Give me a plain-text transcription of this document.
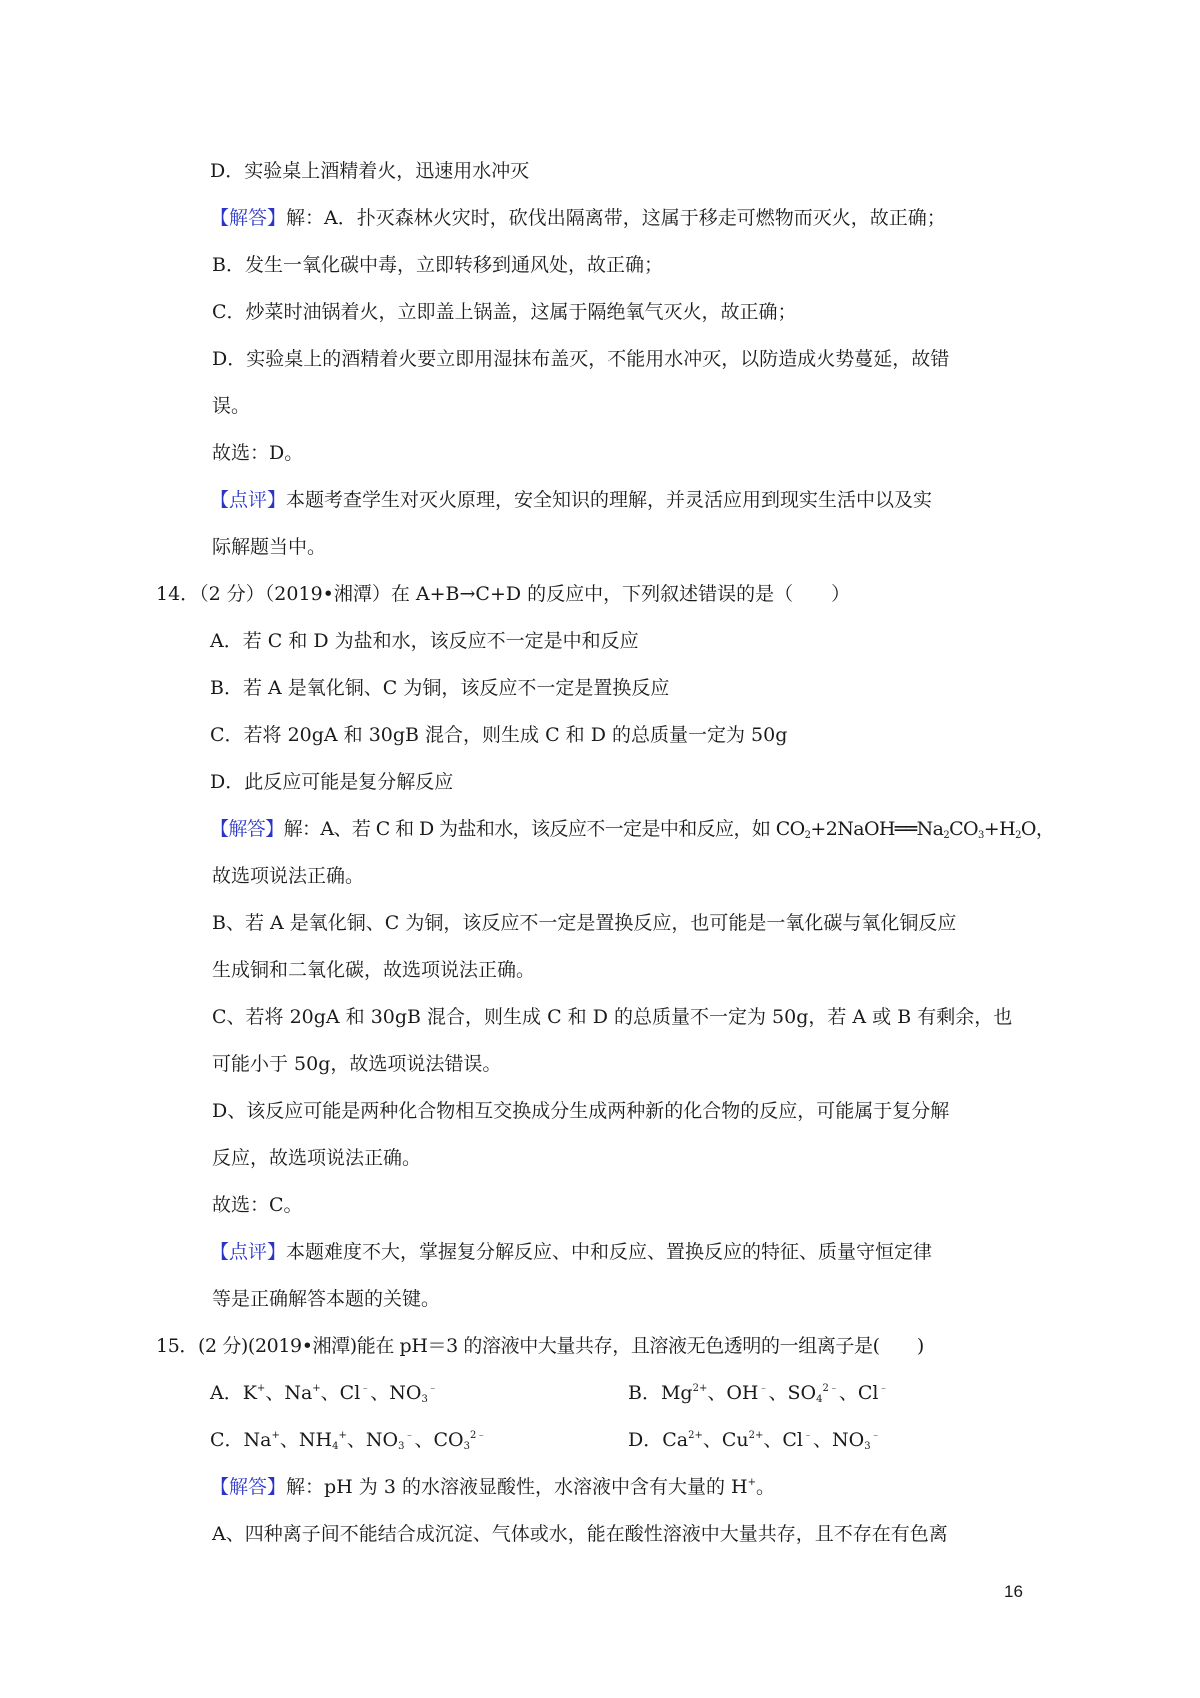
D．实验桌上酒精着火，迅速用水冲灭
【解答】解：A．扑灭森林火灾时，砍伐出隔离带，这属于移走可燃物而灭火，故正确；
B．发生一氧化碳中毒，立即转移到通风处，故正确；
C．炒菜时油锅着火，立即盖上锅盖，这属于隔绝氧气灭火，故正确；
D．实验桌上的酒精着火要立即用湿抹布盖灭，不能用水冲灭，以防造成火势蔓延，故错
误。
故选：D。
【点评】本题考查学生对灭火原理，安全知识的理解，并灵活应用到现实生活中以及实
际解题当中。
14．（2 分）（2019•湘潭）在 A+B→C+D 的反应中，下列叙述错误的是（　　）
A．若 C 和 D 为盐和水，该反应不一定是中和反应
B．若 A 是氧化铜、C 为铜，该反应不一定是置换反应
C．若将 20gA 和 30gB 混合，则生成 C 和 D 的总质量一定为 50g
D．此反应可能是复分解反应
【解答】解：A、若 C 和 D 为盐和水，该反应不一定是中和反应，如 $CO_2+2NaOH══Na_2CO_3+H_2O$，
故选项说法正确。
B、若 A 是氧化铜、C 为铜，该反应不一定是置换反应，也可能是一氧化碳与氧化铜反应
生成铜和二氧化碳，故选项说法正确。
C、若将 20gA 和 30gB 混合，则生成 C 和 D 的总质量不一定为 50g，若 A 或 B 有剩余，也
可能小于 50g，故选项说法错误。
D、该反应可能是两种化合物相互交换成分生成两种新的化合物的反应，可能属于复分解
反应，故选项说法正确。
故选：C。
【点评】本题难度不大，掌握复分解反应、中和反应、置换反应的特征、质量守恒定律
等是正确解答本题的关键。
15．(2 分)(2019•湘潭)能在 pH＝3 的溶液中大量共存，且溶液无色透明的一组离子是(　　)
A．K+、Na+、Cl﹣、$NO_3^﹣$	B．$Mg^{2+}$、OH﹣、$SO_4^{2﹣}$、Cl﹣
C．Na+、$NH_4^+$、$NO_3^﹣$、$CO_3^{2﹣}$	D．$Ca^{2+}$、$Cu^{2+}$、Cl﹣、$NO_3^﹣$
【解答】解：pH 为 3 的水溶液显酸性，水溶液中含有大量的 H+。
A、四种离子间不能结合成沉淀、气体或水，能在酸性溶液中大量共存，且不存在有色离
16
